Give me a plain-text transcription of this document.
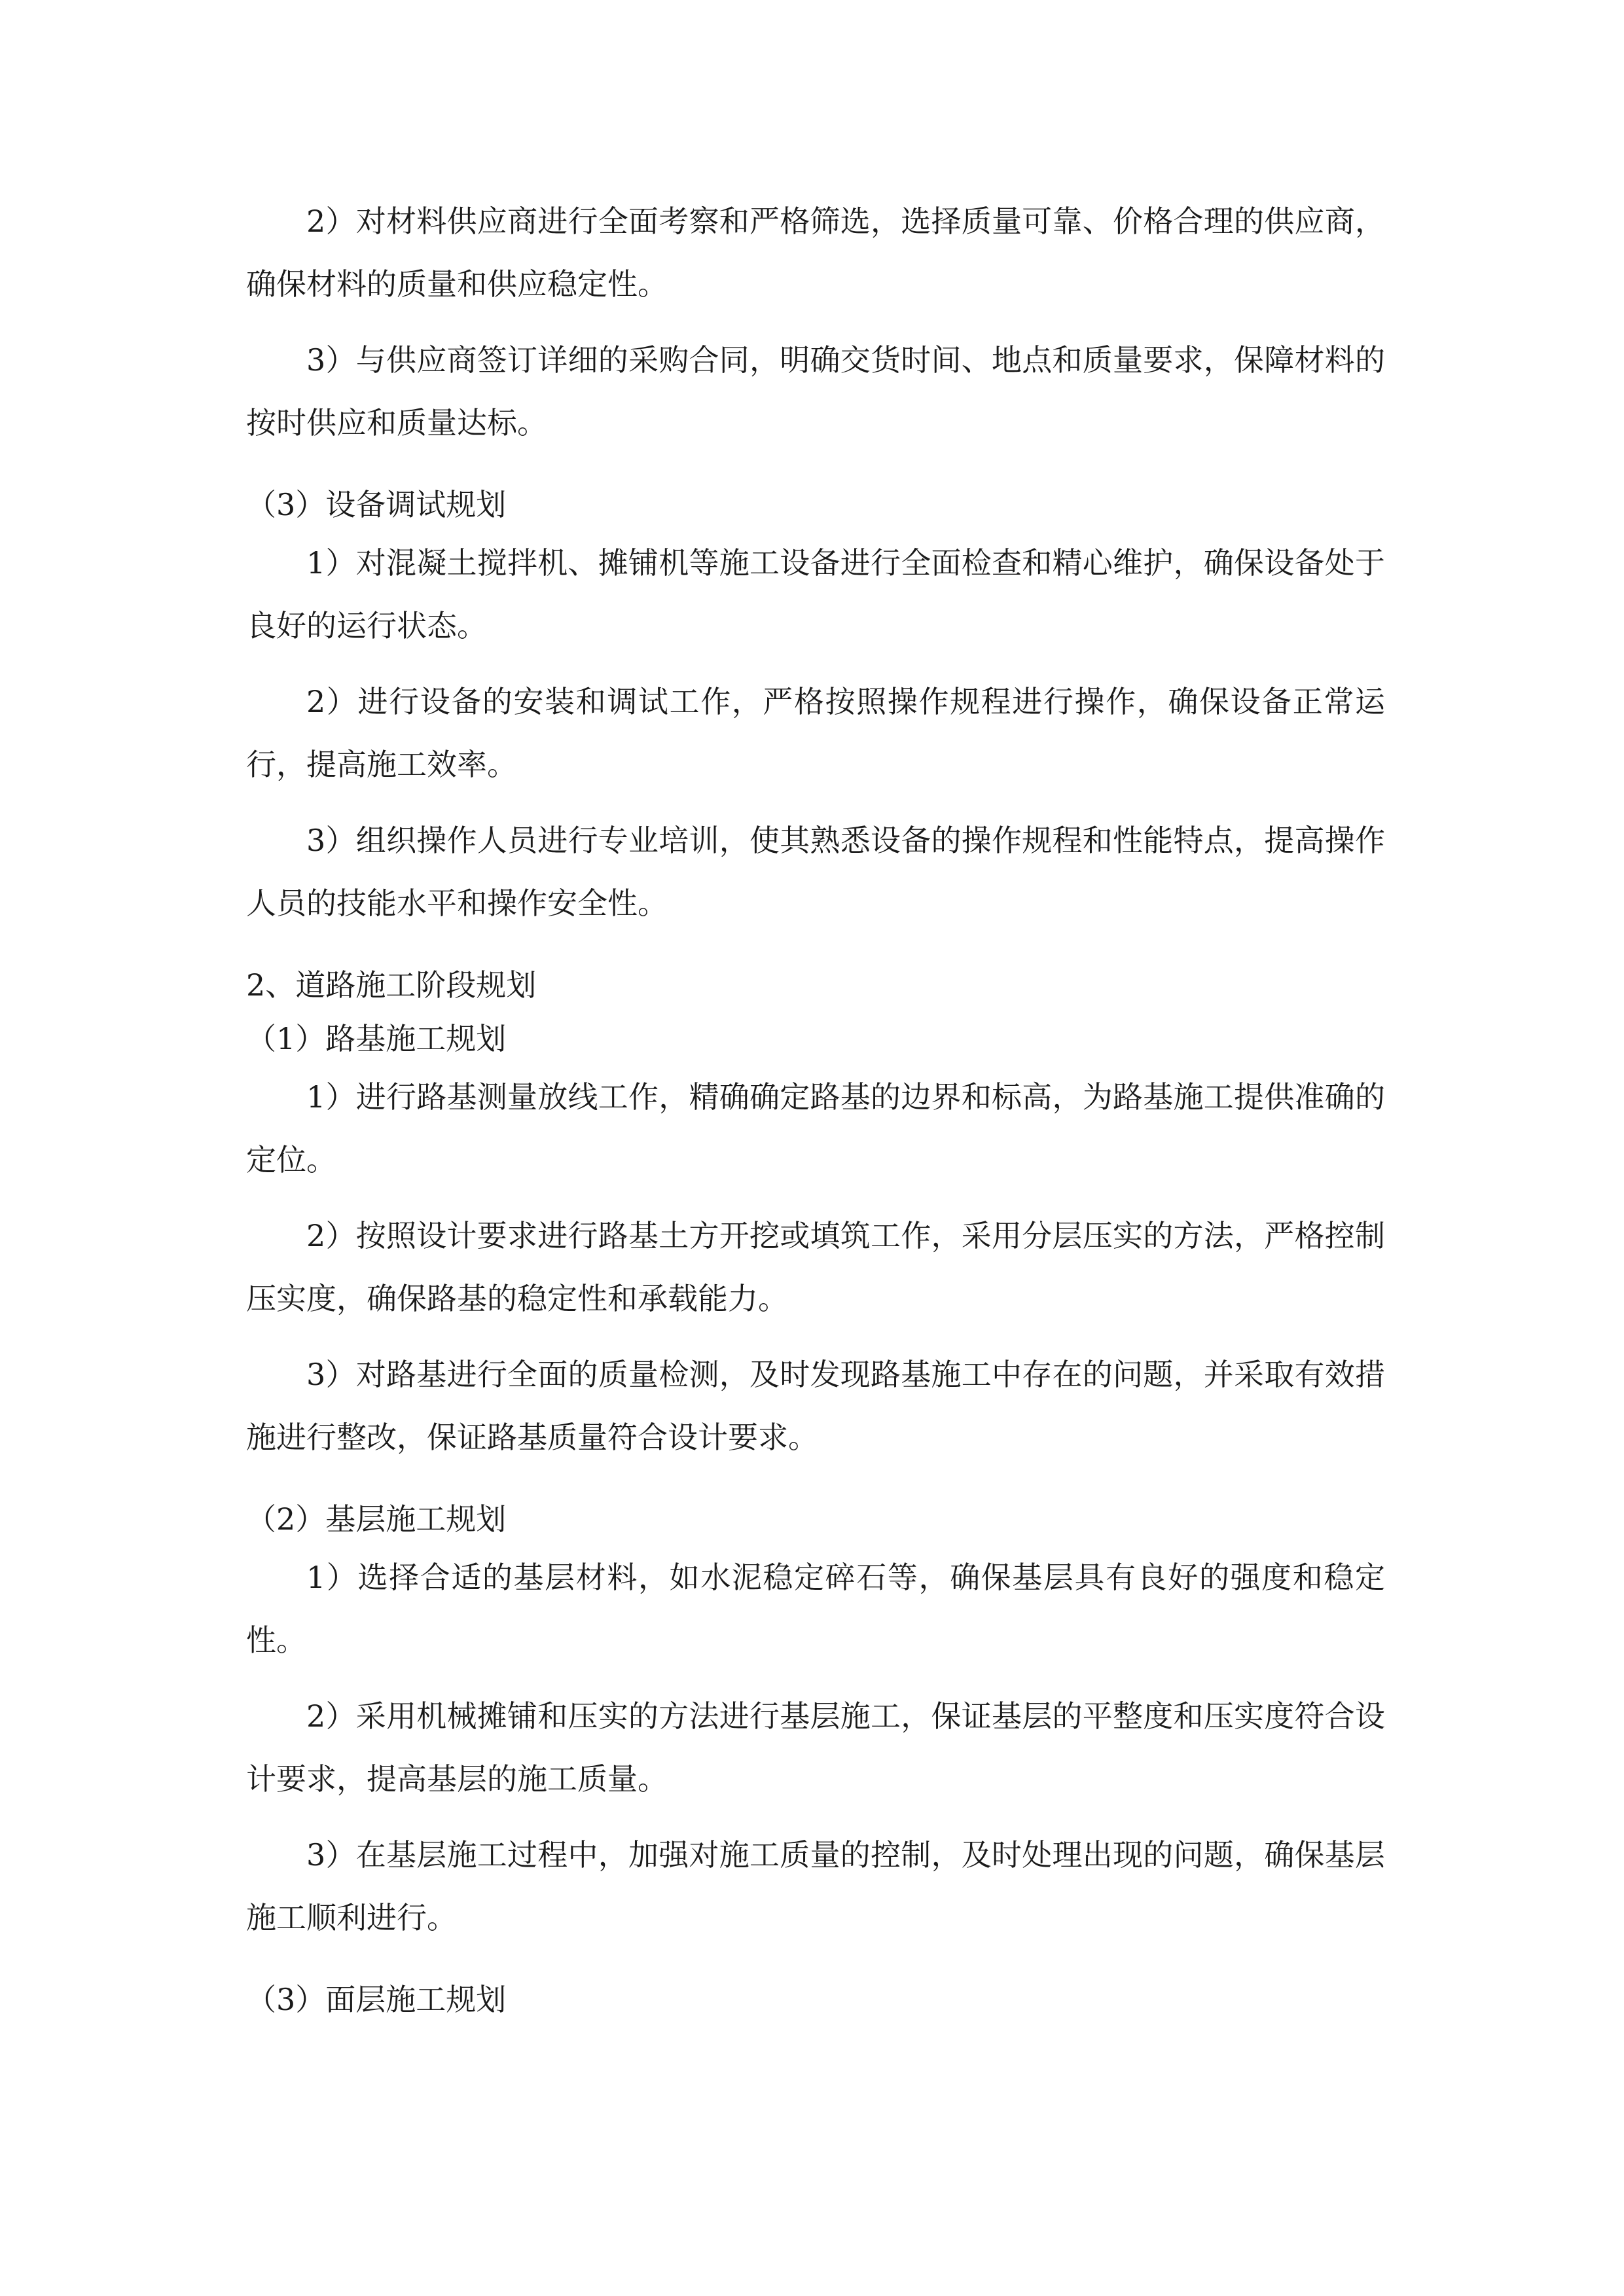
2）对材料供应商进行全面考察和严格筛选，选择质量可靠、价格合理的供应商，确保材料的质量和供应稳定性。

3）与供应商签订详细的采购合同，明确交货时间、地点和质量要求，保障材料的按时供应和质量达标。

（3）设备调试规划

1）对混凝土搅拌机、摊铺机等施工设备进行全面检查和精心维护，确保设备处于良好的运行状态。

2）进行设备的安装和调试工作，严格按照操作规程进行操作，确保设备正常运行，提高施工效率。

3）组织操作人员进行专业培训，使其熟悉设备的操作规程和性能特点，提高操作人员的技能水平和操作安全性。

2、道路施工阶段规划

（1）路基施工规划

1）进行路基测量放线工作，精确确定路基的边界和标高，为路基施工提供准确的定位。

2）按照设计要求进行路基土方开挖或填筑工作，采用分层压实的方法，严格控制压实度，确保路基的稳定性和承载能力。

3）对路基进行全面的质量检测，及时发现路基施工中存在的问题，并采取有效措施进行整改，保证路基质量符合设计要求。

（2）基层施工规划

1）选择合适的基层材料，如水泥稳定碎石等，确保基层具有良好的强度和稳定性。

2）采用机械摊铺和压实的方法进行基层施工，保证基层的平整度和压实度符合设计要求，提高基层的施工质量。

3）在基层施工过程中，加强对施工质量的控制，及时处理出现的问题，确保基层施工顺利进行。

（3）面层施工规划
